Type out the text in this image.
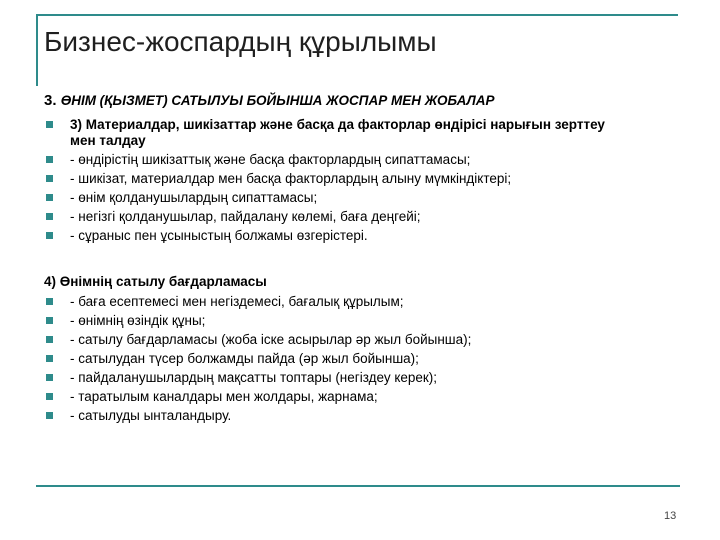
Бизнес-жоспардың құрылымы
3. ӨНІМ (ҚЫЗМЕТ) САТЫЛУЫ БОЙЫНША ЖОСПАР МЕН ЖОБАЛАР
3) Материалдар, шикізаттар және басқа да факторлар өндірісі нарығын зерттеу мен талдау
- өндірістің шикізаттық және басқа факторлардың сипаттамасы;
- шикізат, материалдар мен басқа факторлардың алыну мүмкіндіктері;
- өнім қолданушылардың сипаттамасы;
- негізгі қолданушылар, пайдалану көлемі, баға деңгейі;
- сұраныс пен ұсыныстың болжамы өзгерістері.
4) Өнімнің сатылу бағдарламасы
- баға есептемесі мен негіздемесі, бағалық құрылым;
- өнімнің өзіндік құны;
- сатылу бағдарламасы (жоба іске асырылар әр жыл бойынша);
- сатылудан түсер болжамды пайда (әр жыл бойынша);
- пайдаланушылардың мақсатты топтары (негіздеу керек);
- таратылым каналдары мен жолдары, жарнама;
- сатылуды ынталандыру.
13
